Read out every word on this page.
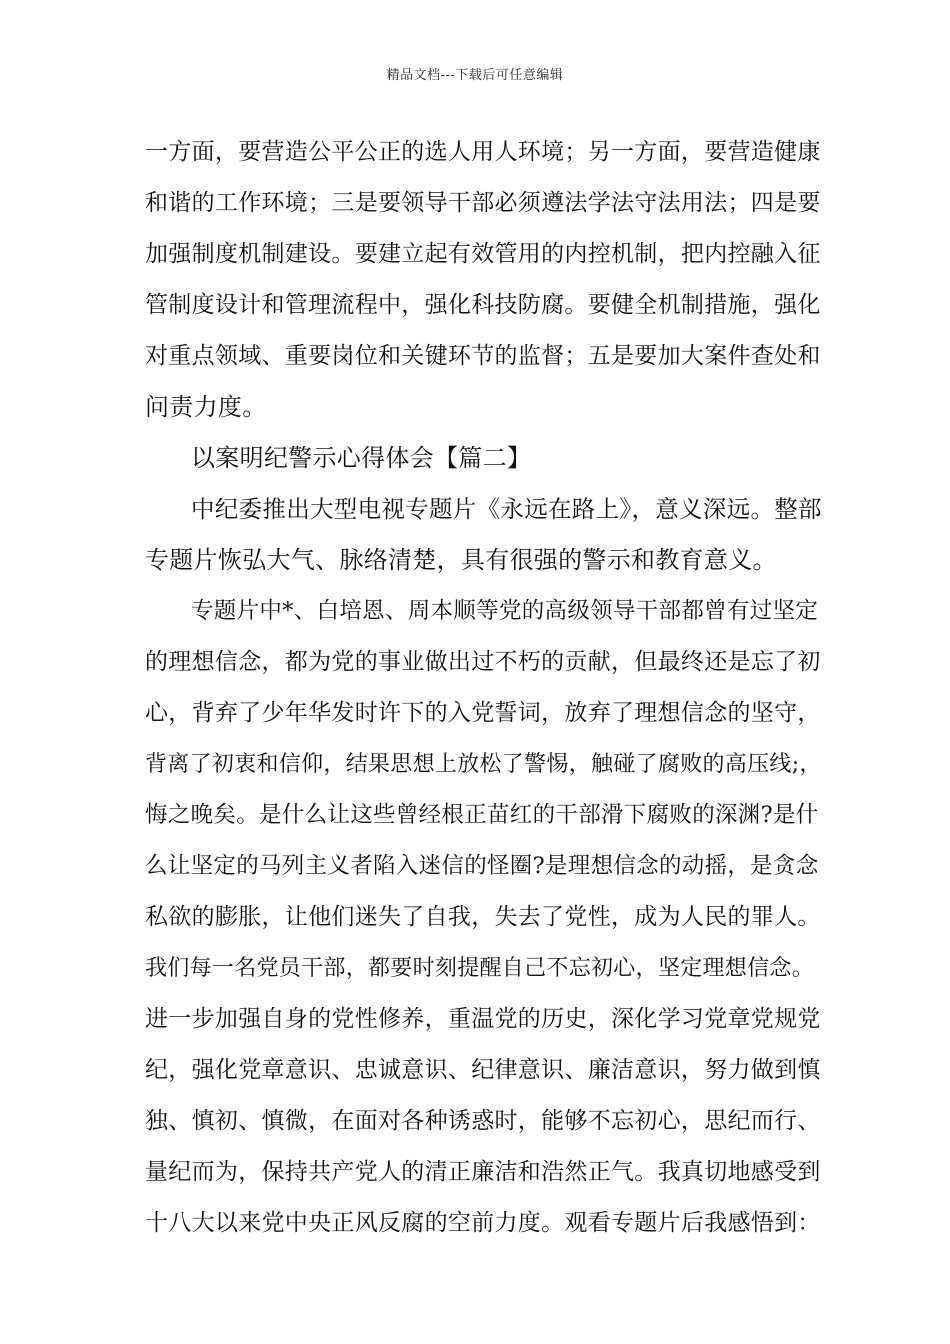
精品文档---下载后可任意编辑
一方面，要营造公平公正的选人用人环境；另一方面，要营造健康
和谐的工作环境；三是要领导干部必须遵法学法守法用法；四是要
加强制度机制建设。要建立起有效管用的内控机制，把内控融入征
管制度设计和管理流程中，强化科技防腐。要健全机制措施，强化
对重点领域、重要岗位和关键环节的监督；五是要加大案件查处和
问责力度。
以案明纪警示心得体会【篇二】
中纪委推出大型电视专题片《永远在路上》，意义深远。整部
专题片恢弘大气、脉络清楚，具有很强的警示和教育意义。
专题片中*、白培恩、周本顺等党的高级领导干部都曾有过坚定
的理想信念，都为党的事业做出过不朽的贡献，但最终还是忘了初
心，背弃了少年华发时许下的入党誓词，放弃了理想信念的坚守，
背离了初衷和信仰，结果思想上放松了警惕，触碰了腐败的高压线;，
悔之晚矣。是什么让这些曾经根正苗红的干部滑下腐败的深渊?是什
么让坚定的马列主义者陷入迷信的怪圈?是理想信念的动摇，是贪念
私欲的膨胀，让他们迷失了自我，失去了党性，成为人民的罪人。
我们每一名党员干部，都要时刻提醒自己不忘初心，坚定理想信念。
进一步加强自身的党性修养，重温党的历史，深化学习党章党规党
纪，强化党章意识、忠诚意识、纪律意识、廉洁意识，努力做到慎
独、慎初、慎微，在面对各种诱惑时，能够不忘初心，思纪而行、
量纪而为，保持共产党人的清正廉洁和浩然正气。我真切地感受到
十八大以来党中央正风反腐的空前力度。观看专题片后我感悟到：
